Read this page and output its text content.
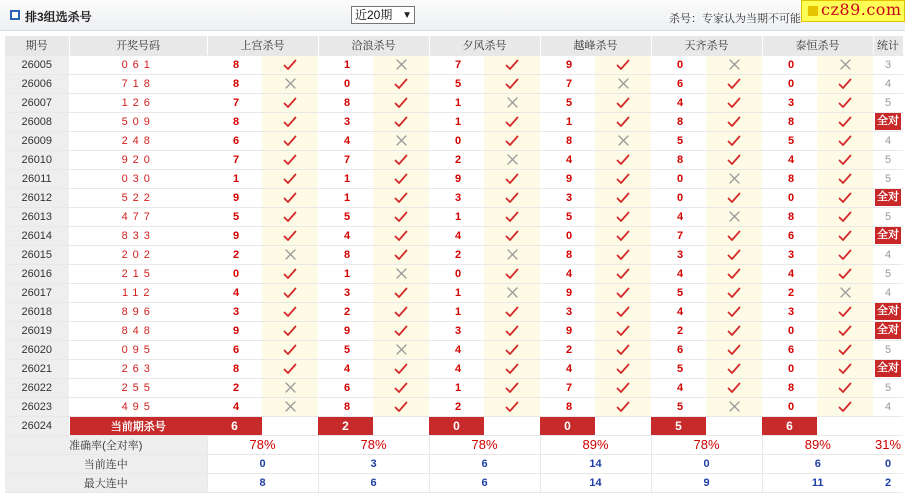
排3组选杀号	近20期 ▼	杀号：专家认为当期不可能 cz89.com
期号	开奖号码	上宫杀号		洽浪杀号		夕风杀号		越峰杀号		天齐杀号		泰恒杀号		统计
26005	061	8		1		7		9		0		0		3
26006	718	8		0		5		7		6		0		4
26007	126	7		8		1		5		4		3		5
26008	509	8		3		1		1		8		8		全对
26009	248	6		4		0		8		5		5		4
26010	920	7		7		2		4		8		4		5
26011	030	1		1		9		9		0		8		5
26012	522	9		1		3		3		0		0		全对
26013	477	5		5		1		5		4		8		5
26014	833	9		4		4		0		7		6		全对
26015	202	2		8		2		8		3		3		4
26016	215	0		1		0		4		4		4		5
26017	112	4		3		1		9		5		2		4
26018	896	3		2		1		3		4		3		全对
26019	848	9		9		3		9		2		0		全对
26020	095	6		5		4		2		6		6		5
26021	263	8		4		4		4		5		0		全对
26022	255	2		6		1		7		4		8		5
26023	495	4		8		2		8		5		0		4
26024	当前期杀号	6		2		0		0		5		6		
准确率(全对率)		78%		78%		78%		89%		78%		89%		31%
当前连中		0		3		6		14		0		6		0
最大连中		8		6		6		14		9		11		2
